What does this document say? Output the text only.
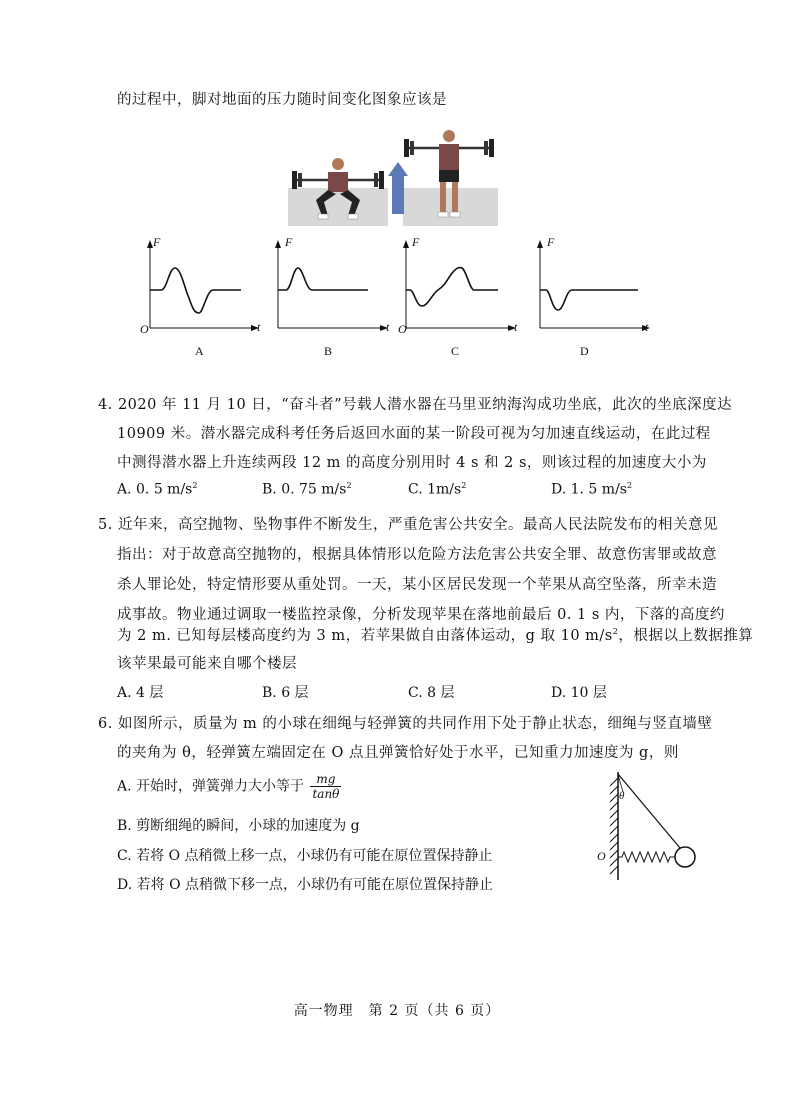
的过程中，脚对地面的压力随时间变化图象应该是
F
t
O
A
F
t
B
F
t
O
C
F
t
D
4. 2020 年 11 月 10 日，“奋斗者”号载人潜水器在马里亚纳海沟成功坐底，此次的坐底深度达
10909 米。潜水器完成科考任务后返回水面的某一阶段可视为匀加速直线运动，在此过程
中测得潜水器上升连续两段 12 m 的高度分别用时 4 s 和 2 s，则该过程的加速度大小为
A. 0. 5 $m/s^2$	B. 0. 75 $m/s^2$	C. $1m/s^2$	D. 1. 5 $m/s^2$
5. 近年来，高空抛物、坠物事件不断发生，严重危害公共安全。最高人民法院发布的相关意见
指出：对于故意高空抛物的，根据具体情形以危险方法危害公共安全罪、故意伤害罪或故意
杀人罪论处，特定情形要从重处罚。一天，某小区居民发现一个苹果从高空坠落，所幸未造
成事故。物业通过调取一楼监控录像，分析发现苹果在落地前最后 0. 1 s 内，下落的高度约
为 2 m. 已知每层楼高度约为 3 m，若苹果做自由落体运动，g 取 10 $m/s^2$，根据以上数据推算
该苹果最可能来自哪个楼层
A. 4 层	B. 6 层	C. 8 层	D. 10 层
6. 如图所示，质量为 m 的小球在细绳与轻弹簧的共同作用下处于静止状态，细绳与竖直墙壁
的夹角为 θ，轻弹簧左端固定在 O 点且弹簧恰好处于水平，已知重力加速度为 g，则
A. 开始时，弹簧弹力大小等于 $\frac{mg}{\tan\theta}$
B. 剪断细绳的瞬间，小球的加速度为 g
C. 若将 O 点稍微上移一点，小球仍有可能在原位置保持静止
D. 若将 O 点稍微下移一点，小球仍有可能在原位置保持静止
θ
O
高一物理　第 2 页（共 6 页）
